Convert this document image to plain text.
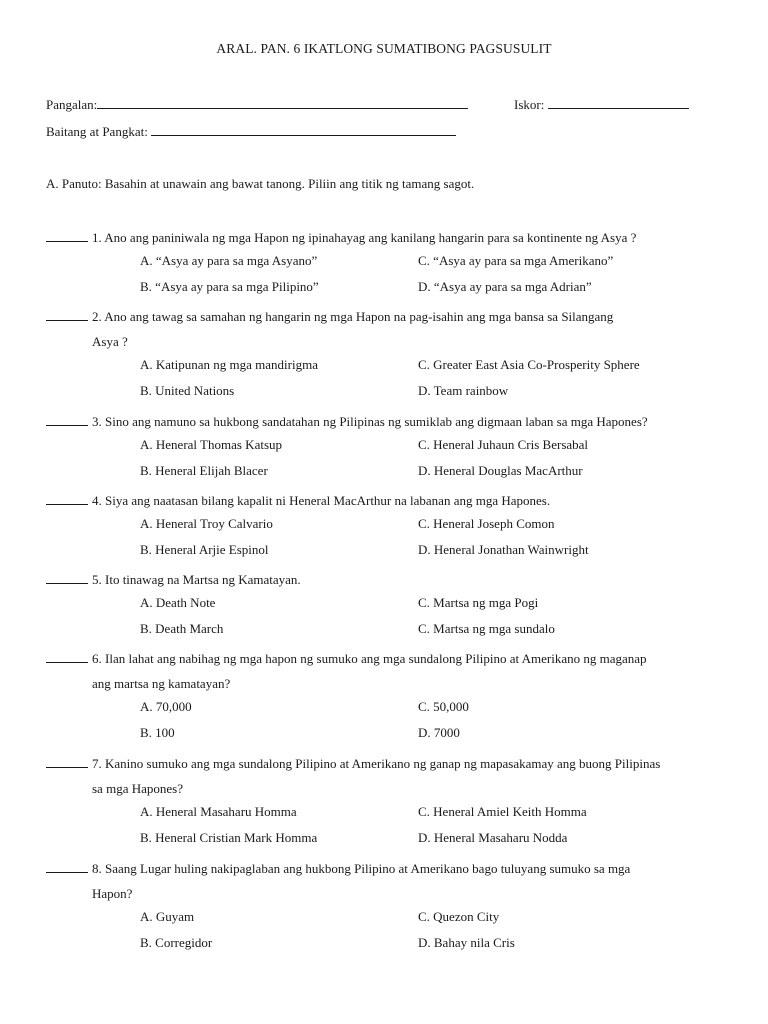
ARAL. PAN. 6 IKATLONG SUMATIBONG PAGSUSULIT
Pangalan:	Iskor:
Baitang at Pangkat:
A. Panuto: Basahin at unawain ang bawat tanong. Piliin ang titik ng tamang sagot.
1. Ano ang paniniwala ng mga Hapon ng ipinahayag ang kanilang hangarin para sa kontinente ng Asya ?
A. “Asya ay para sa mga Asyano”	C. “Asya ay para sa mga Amerikano”
B. “Asya ay para sa mga Pilipino”	D. “Asya ay para sa mga Adrian”
2. Ano ang tawag sa samahan ng hangarin ng mga Hapon na pag-isahin ang mga bansa sa Silangang
Asya ?
A. Katipunan ng mga mandirigma	C. Greater East Asia Co-Prosperity Sphere
B. United Nations	D. Team rainbow
3. Sino ang namuno sa hukbong sandatahan ng Pilipinas ng sumiklab ang digmaan laban sa mga Hapones?
A. Heneral Thomas Katsup	C. Heneral Juhaun Cris Bersabal
B. Heneral Elijah Blacer	D. Heneral Douglas MacArthur
4. Siya ang naatasan bilang kapalit ni Heneral MacArthur na labanan ang mga Hapones.
A. Heneral Troy Calvario	C. Heneral Joseph Comon
B. Heneral Arjie Espinol	D. Heneral Jonathan Wainwright
5. Ito tinawag na Martsa ng Kamatayan.
A. Death Note	C. Martsa ng mga Pogi
B. Death March	C. Martsa ng mga sundalo
6. Ilan lahat ang nabihag ng mga hapon ng sumuko ang mga sundalong Pilipino at Amerikano ng maganap
ang martsa ng kamatayan?
A. 70,000	C. 50,000
B. 100	D. 7000
7. Kanino sumuko ang mga sundalong Pilipino at Amerikano ng ganap ng mapasakamay ang buong Pilipinas
sa mga Hapones?
A. Heneral Masaharu Homma	C. Heneral Amiel Keith Homma
B. Heneral Cristian Mark Homma	D. Heneral Masaharu Nodda
8. Saang Lugar huling nakipaglaban ang hukbong Pilipino at Amerikano bago tuluyang sumuko sa mga
Hapon?
A. Guyam	C. Quezon City
B. Corregidor	D. Bahay nila Cris
